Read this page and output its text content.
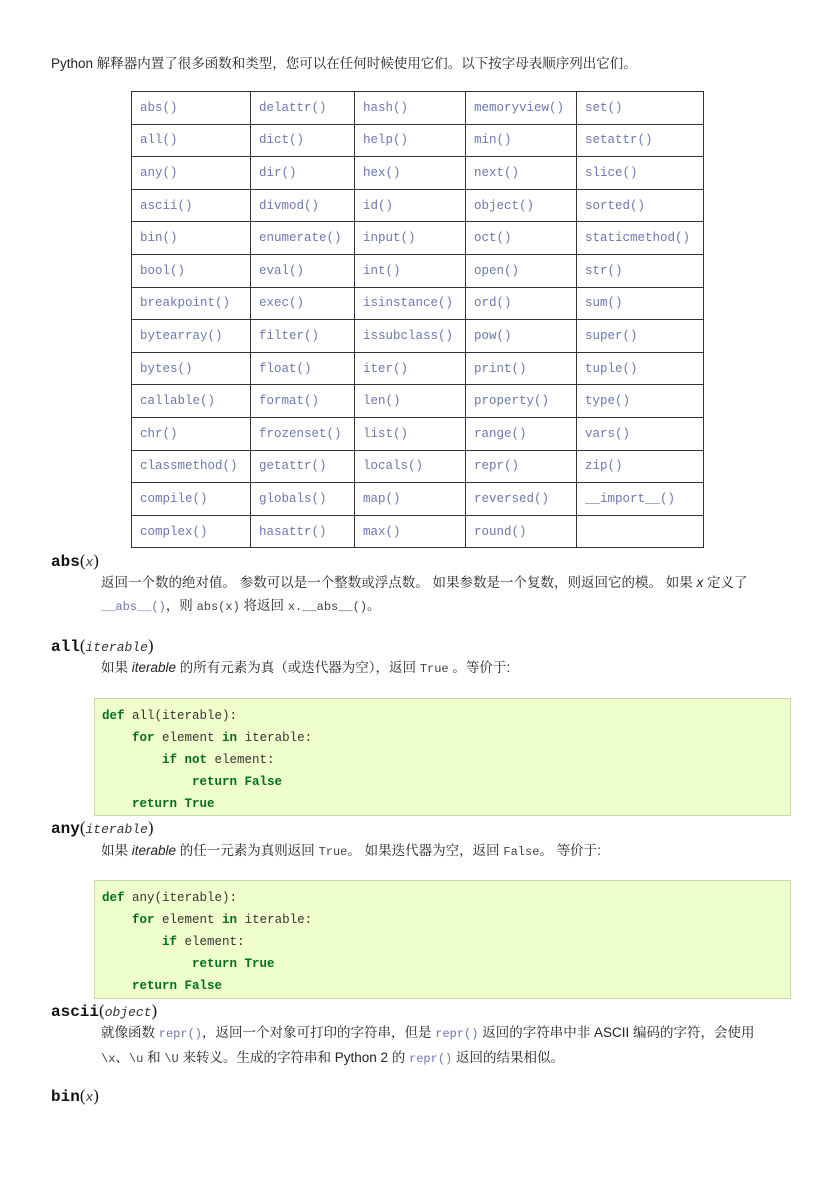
Python 解释器内置了很多函数和类型，您可以在任何时候使用它们。以下按字母表顺序列出它们。
abs()	delattr()	hash()	memoryview()	set()
all()	dict()	help()	min()	setattr()
any()	dir()	hex()	next()	slice()
ascii()	divmod()	id()	object()	sorted()
bin()	enumerate()	input()	oct()	staticmethod()
bool()	eval()	int()	open()	str()
breakpoint()	exec()	isinstance()	ord()	sum()
bytearray()	filter()	issubclass()	pow()	super()
bytes()	float()	iter()	print()	tuple()
callable()	format()	len()	property()	type()
chr()	frozenset()	list()	range()	vars()
classmethod()	getattr()	locals()	repr()	zip()
compile()	globals()	map()	reversed()	__import__()
complex()	hasattr()	max()	round()	
abs(x)
返回一个数的绝对值。 参数可以是一个整数或浮点数。 如果参数是一个复数，则返回它的模。 如果 x 定义了
__abs__()，则 abs(x) 将返回 x.__abs__()。
all(iterable)
如果 iterable 的所有元素为真（或迭代器为空），返回 True 。等价于:
def all(iterable):
for element in iterable:
if not element:
return False
return True
any(iterable)
如果 iterable 的任一元素为真则返回 True。 如果迭代器为空，返回 False。 等价于:
def any(iterable):
for element in iterable:
if element:
return True
return False
ascii(object)
就像函数 repr()，返回一个对象可打印的字符串，但是 repr() 返回的字符串中非 ASCII 编码的字符，会使用
\x、\u 和 \U 来转义。生成的字符串和 Python 2 的 repr() 返回的结果相似。
bin(x)
